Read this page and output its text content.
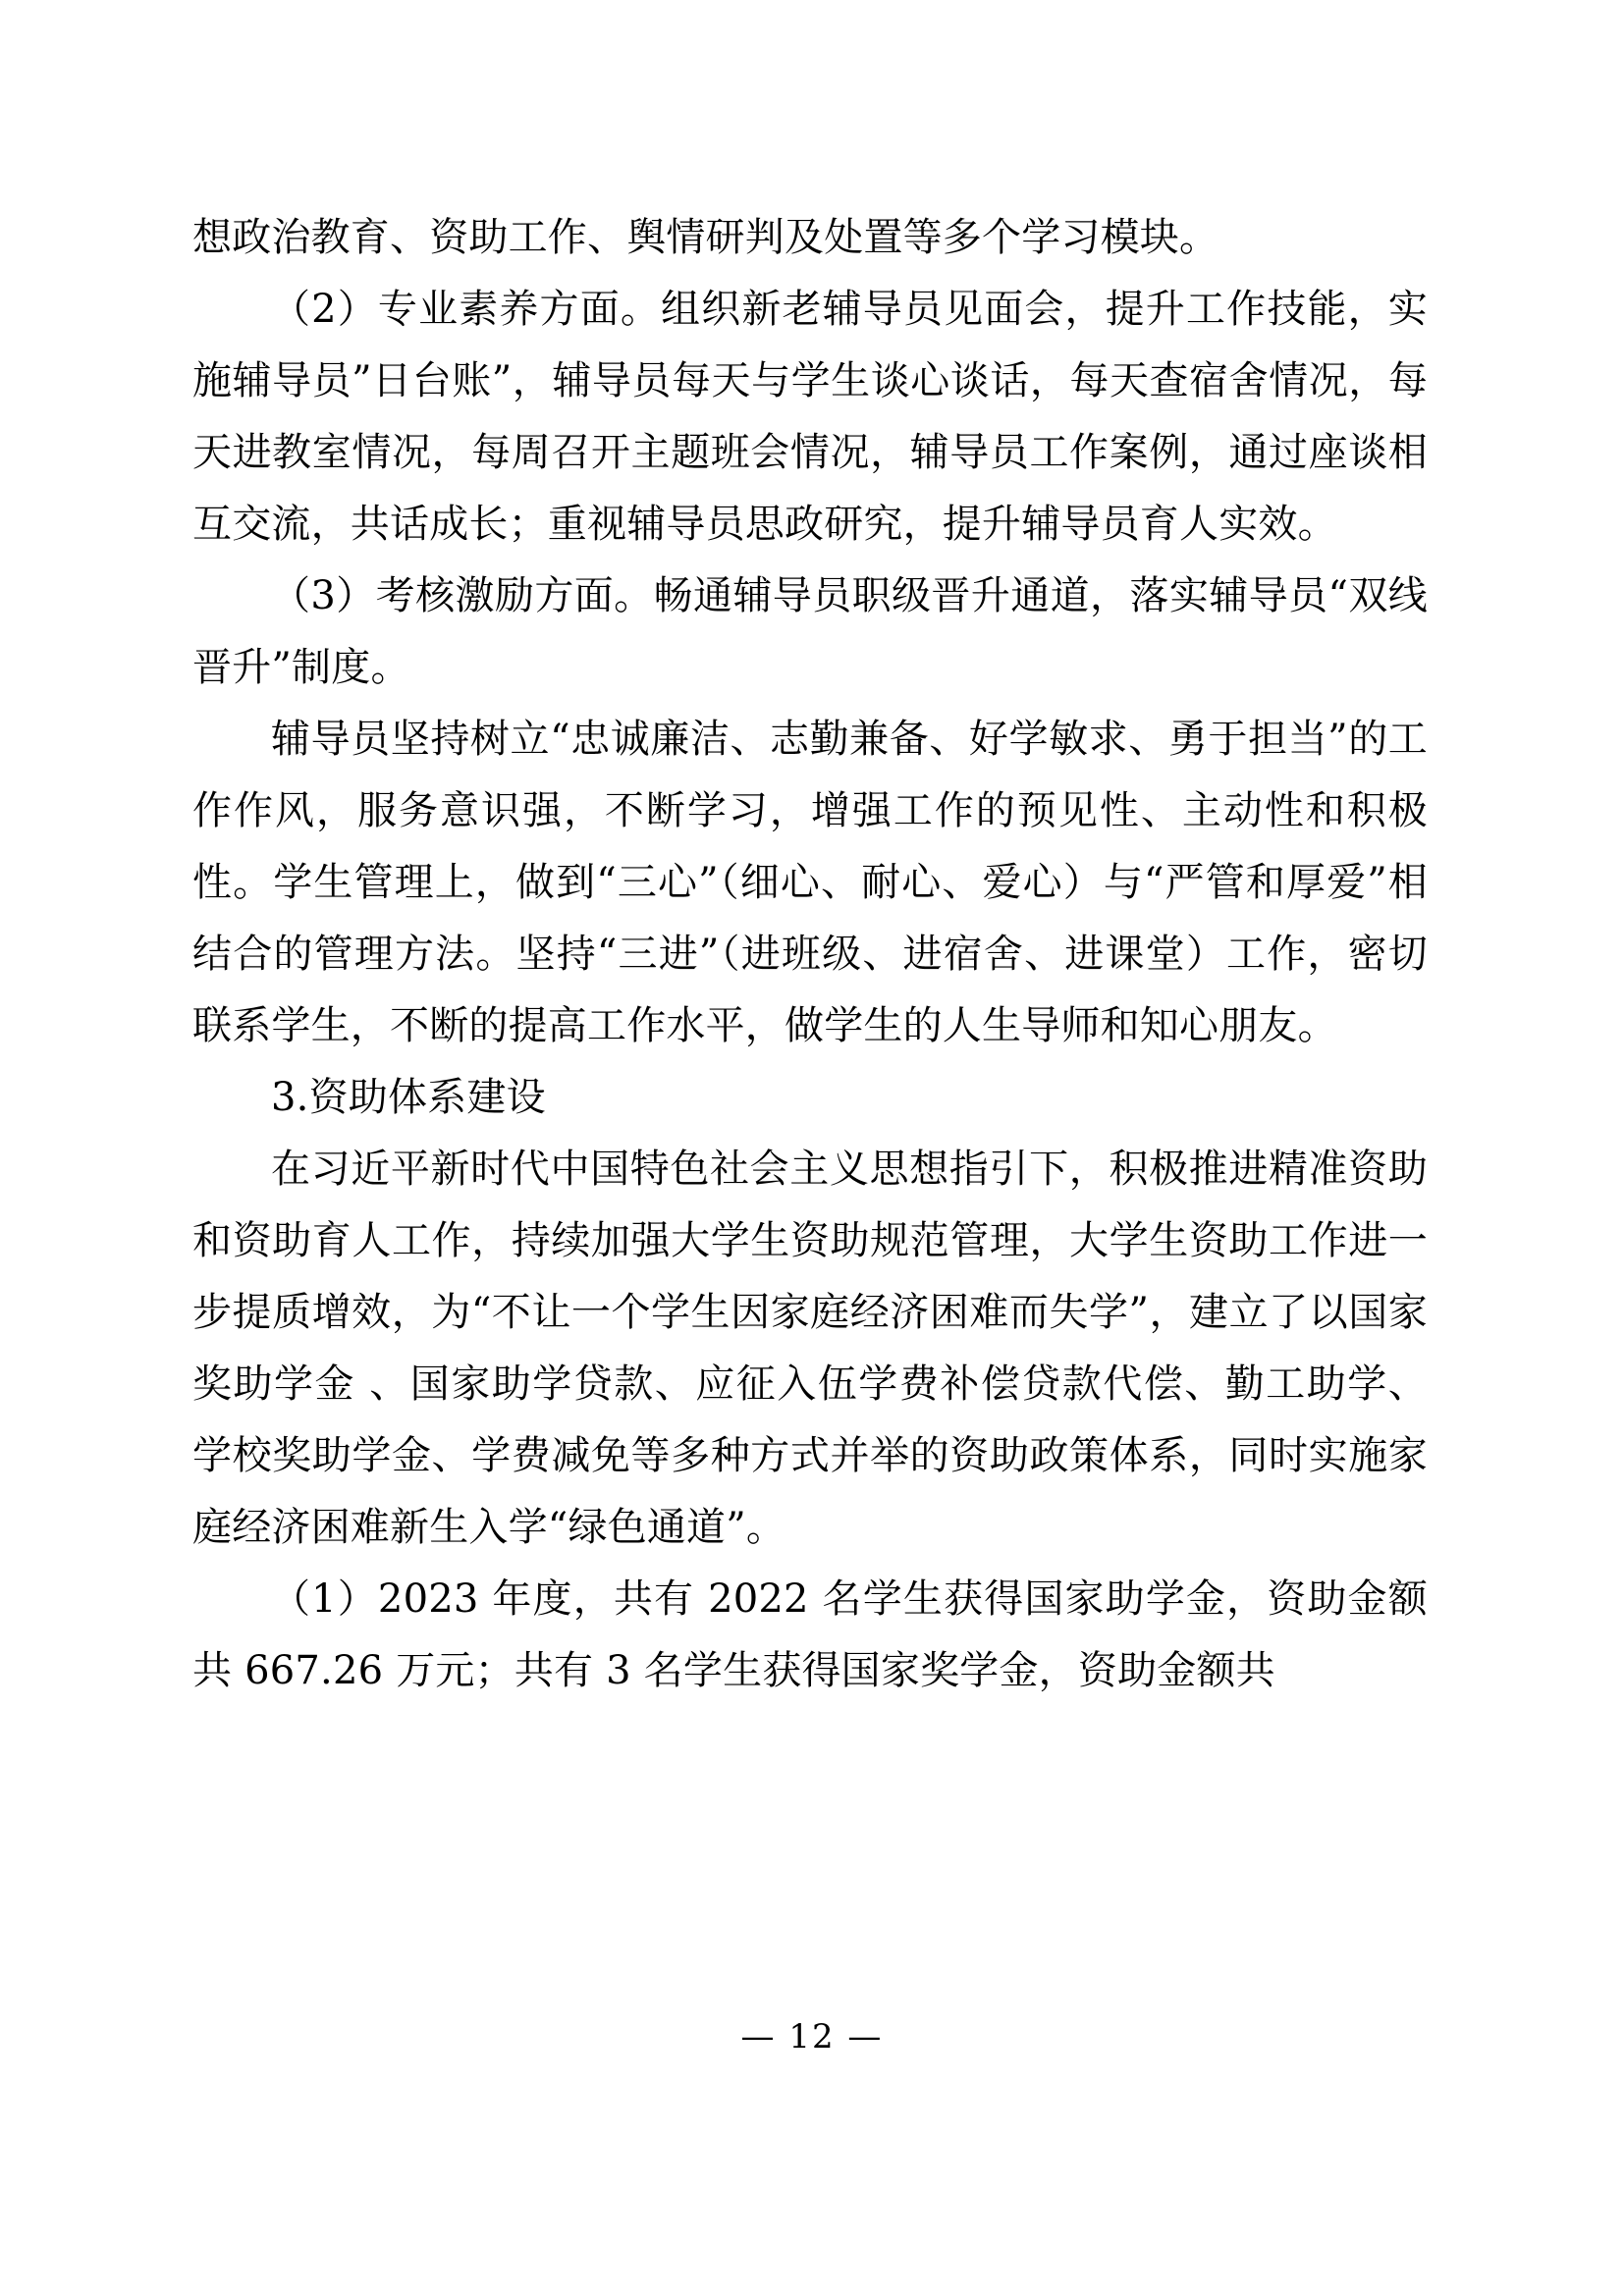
想政治教育、资助工作、舆情研判及处置等多个学习模块。

（2）专业素养方面。组织新老辅导员见面会，提升工作技能，实施辅导员”日台账”，辅导员每天与学生谈心谈话，每天查宿舍情况，每天进教室情况，每周召开主题班会情况，辅导员工作案例，通过座谈相互交流，共话成长；重视辅导员思政研究，提升辅导员育人实效。

（3）考核激励方面。畅通辅导员职级晋升通道，落实辅导员“双线晋升”制度。

辅导员坚持树立“忠诚廉洁、志勤兼备、好学敏求、勇于担当”的工作作风，服务意识强，不断学习，增强工作的预见性、主动性和积极性。学生管理上，做到“三心”（细心、耐心、爱心）与“严管和厚爱”相结合的管理方法。坚持“三进”（进班级、进宿舍、进课堂）工作，密切联系学生，不断的提高工作水平，做学生的人生导师和知心朋友。

3.资助体系建设

在习近平新时代中国特色社会主义思想指引下，积极推进精准资助和资助育人工作，持续加强大学生资助规范管理，大学生资助工作进一步提质增效，为“不让一个学生因家庭经济困难而失学”，建立了以国家奖助学金 、国家助学贷款、应征入伍学费补偿贷款代偿、勤工助学、学校奖助学金、学费减免等多种方式并举的资助政策体系，同时实施家庭经济困难新生入学“绿色通道”。

（1）2023 年度，共有 2022 名学生获得国家助学金，资助金额共 667.26 万元；共有 3 名学生获得国家奖学金，资助金额共

— 12 —
